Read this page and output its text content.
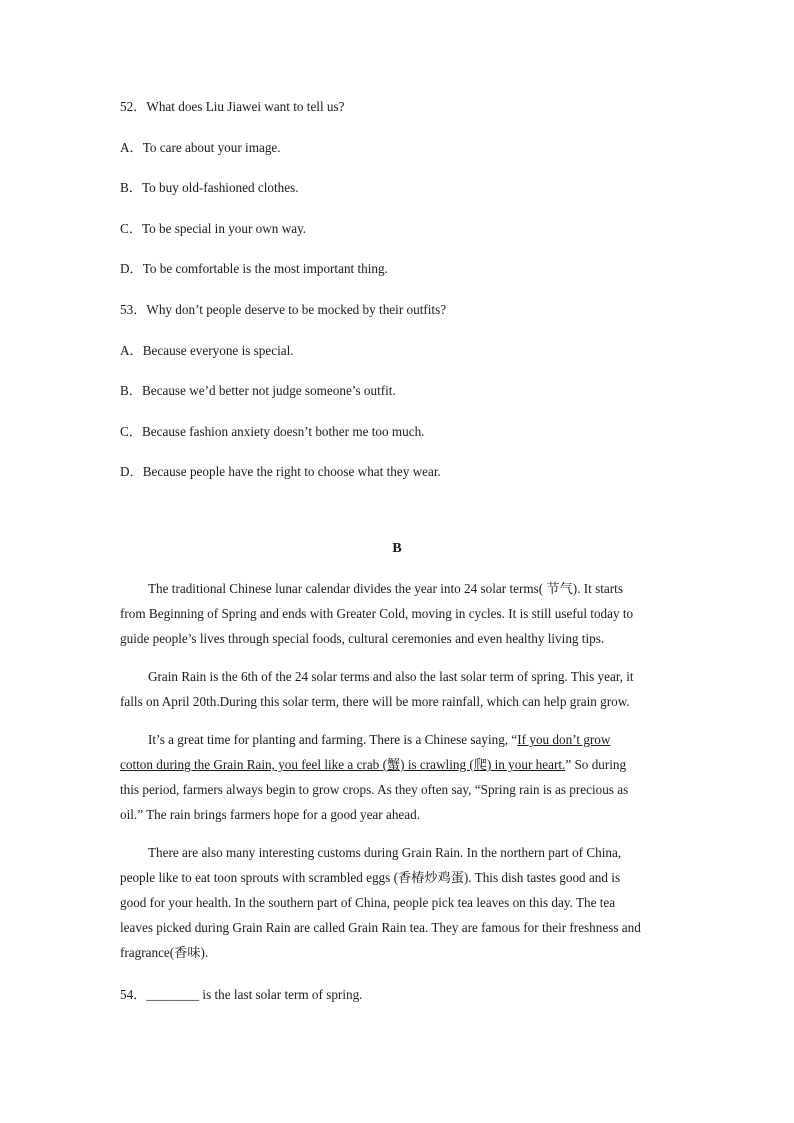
52．What does Liu Jiawei want to tell us?
A．To care about your image.
B．To buy old-fashioned clothes.
C．To be special in your own way.
D．To be comfortable is the most important thing.
53．Why don’t people deserve to be mocked by their outfits?
A．Because everyone is special.
B．Because we’d better not judge someone’s outfit.
C．Because fashion anxiety doesn’t bother me too much.
D．Because people have the right to choose what they wear.
B
The traditional Chinese lunar calendar divides the year into 24 solar terms( 节气). It starts
from Beginning of Spring and ends with Greater Cold, moving in cycles. It is still useful today to
guide people’s lives through special foods, cultural ceremonies and even healthy living tips.
Grain Rain is the 6th of the 24 solar terms and also the last solar term of spring. This year, it
falls on April 20th.During this solar term, there will be more rainfall, which can help grain grow.
It’s a great time for planting and farming. There is a Chinese saying, “If you don’t grow
cotton during the Grain Rain, you feel like a crab (蟹) is crawling (爬) in your heart.” So during
this period, farmers always begin to grow crops. As they often say, “Spring rain is as precious as
oil.” The rain brings farmers hope for a good year ahead.
There are also many interesting customs during Grain Rain. In the northern part of China,
people like to eat toon sprouts with scrambled eggs (香椿炒鸡蛋). This dish tastes good and is
good for your health. In the southern part of China, people pick tea leaves on this day. The tea
leaves picked during Grain Rain are called Grain Rain tea. They are famous for their freshness and
fragrance(香味).
54．________ is the last solar term of spring.
